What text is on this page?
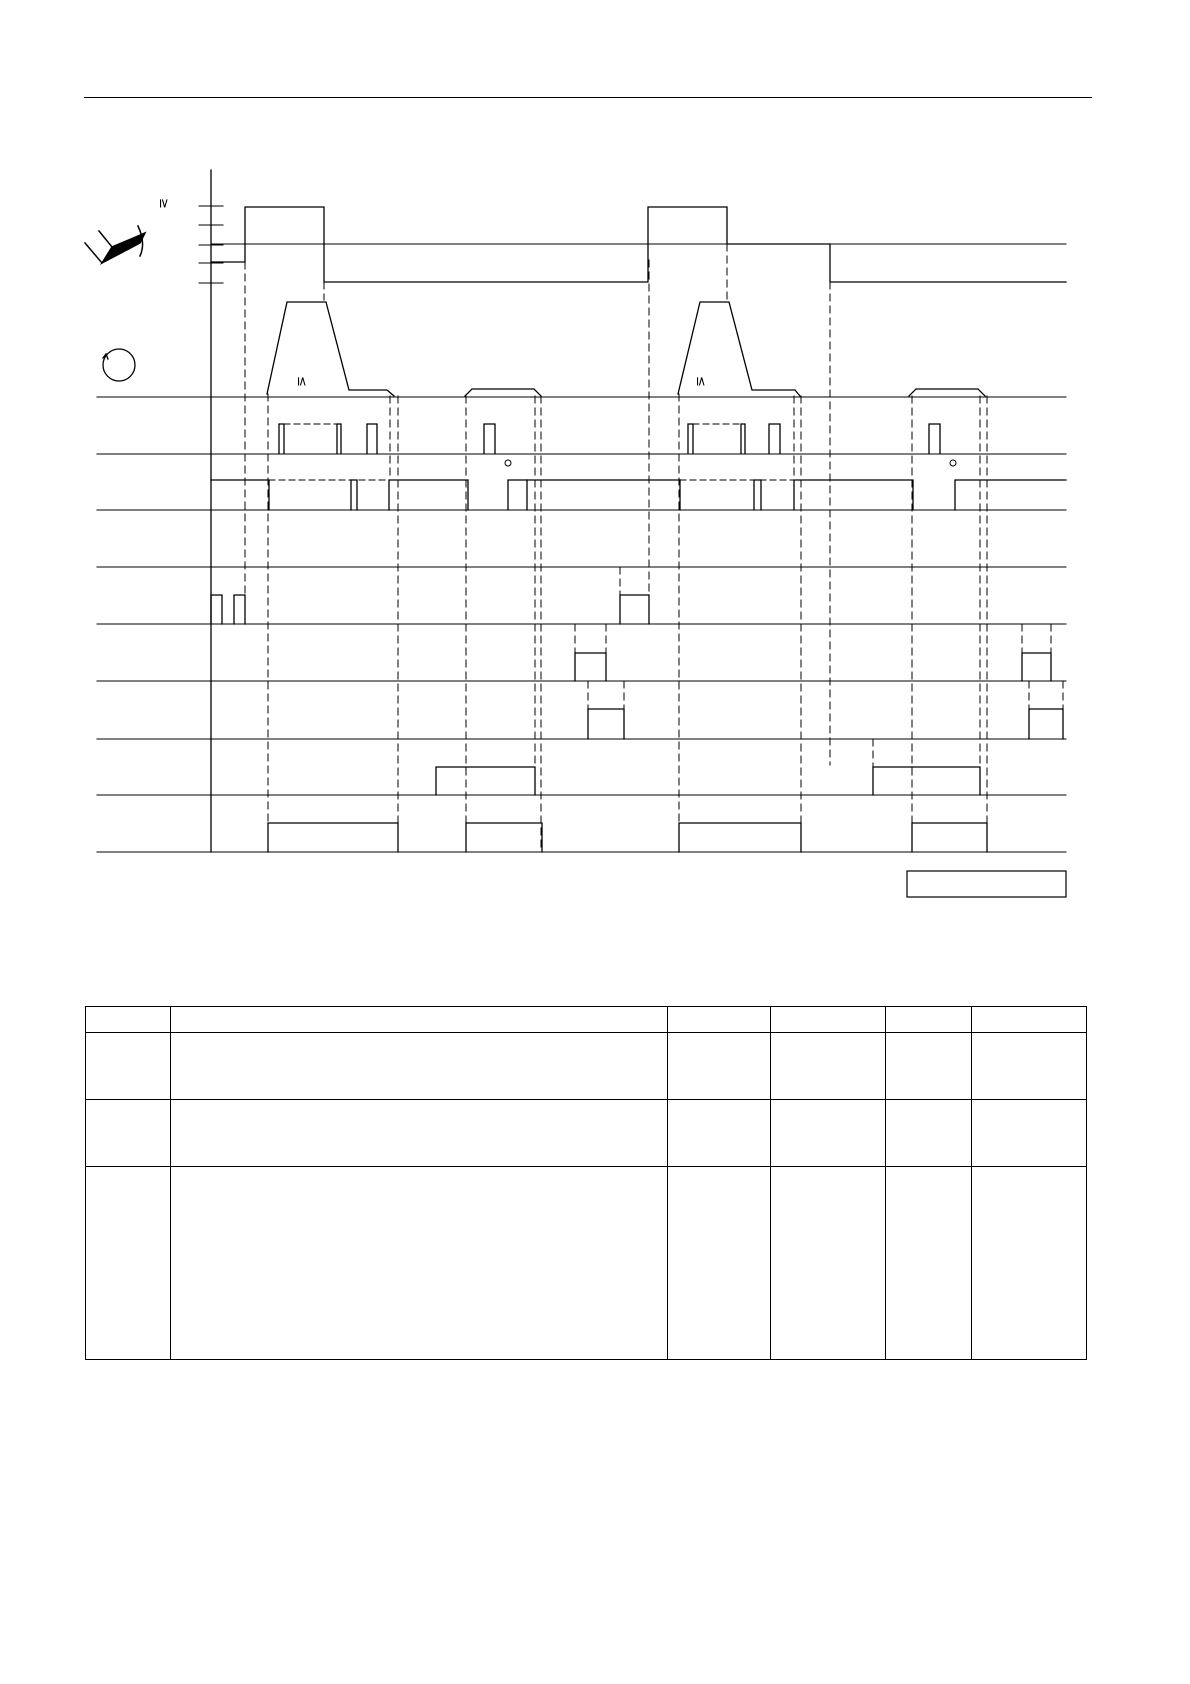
≥
≤	≤
